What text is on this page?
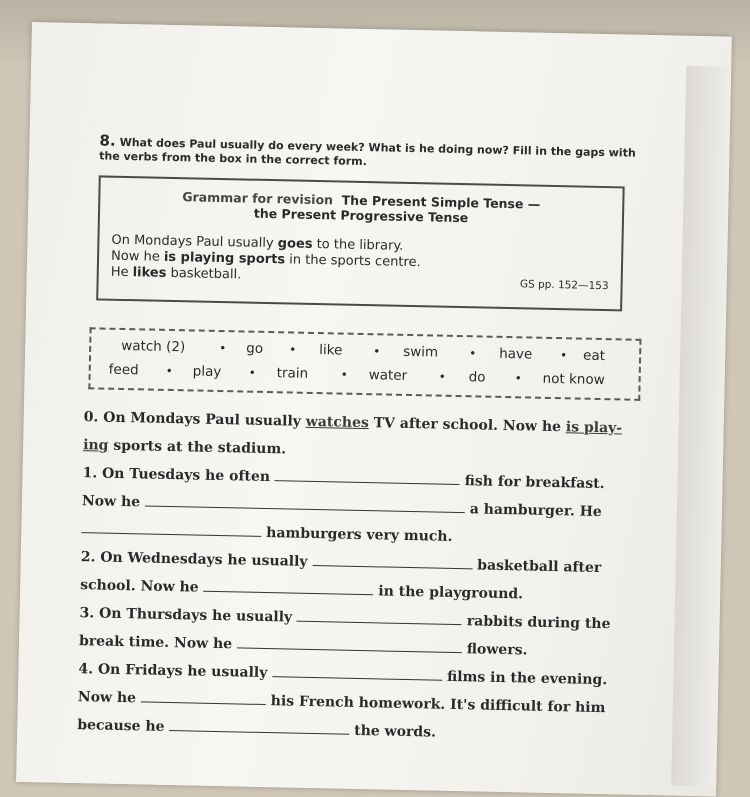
8. What does Paul usually do every week? What is he doing now? Fill in the gaps with the verbs from the box in the correct form.
Grammar for revision The Present Simple Tense —
the Present Progressive Tense
On Mondays Paul usually goes to the library.
Now he is playing sports in the sports centre.
He likes basketball.
GS pp. 152—153
watch (2)	• go • like	• swim	• have • eat
feed • play • train	• water	• do • not know
0. On Mondays Paul usually watches TV after school. Now he is play-
ing sports at the stadium.
1. On Tuesdays he often	fish for breakfast.
Now he	a hamburger. He
hamburgers very much.
2. On Wednesdays he usually	basketball after
school. Now he	in the playground.
3. On Thursdays he usually	rabbits during the
break time. Now he	flowers.
4. On Fridays he usually	films in the evening.
Now he	his French homework. It's difficult for him
because he	the words.
